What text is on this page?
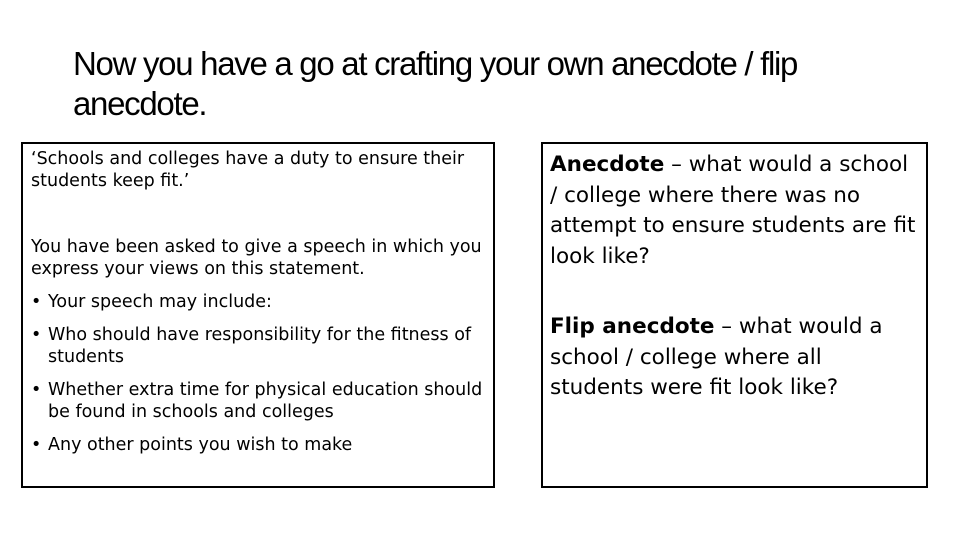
Now you have a go at crafting your own anecdote / flip anecdote.

‘Schools and colleges have a duty to ensure their students keep fit.’

You have been asked to give a speech in which you express your views on this statement.

• Your speech may include:
• Who should have responsibility for the fitness of students
• Whether extra time for physical education should be found in schools and colleges
• Any other points you wish to make

Anecdote – what would a school / college where there was no attempt to ensure students are fit look like?

Flip anecdote – what would a school / college where all students were fit look like?
